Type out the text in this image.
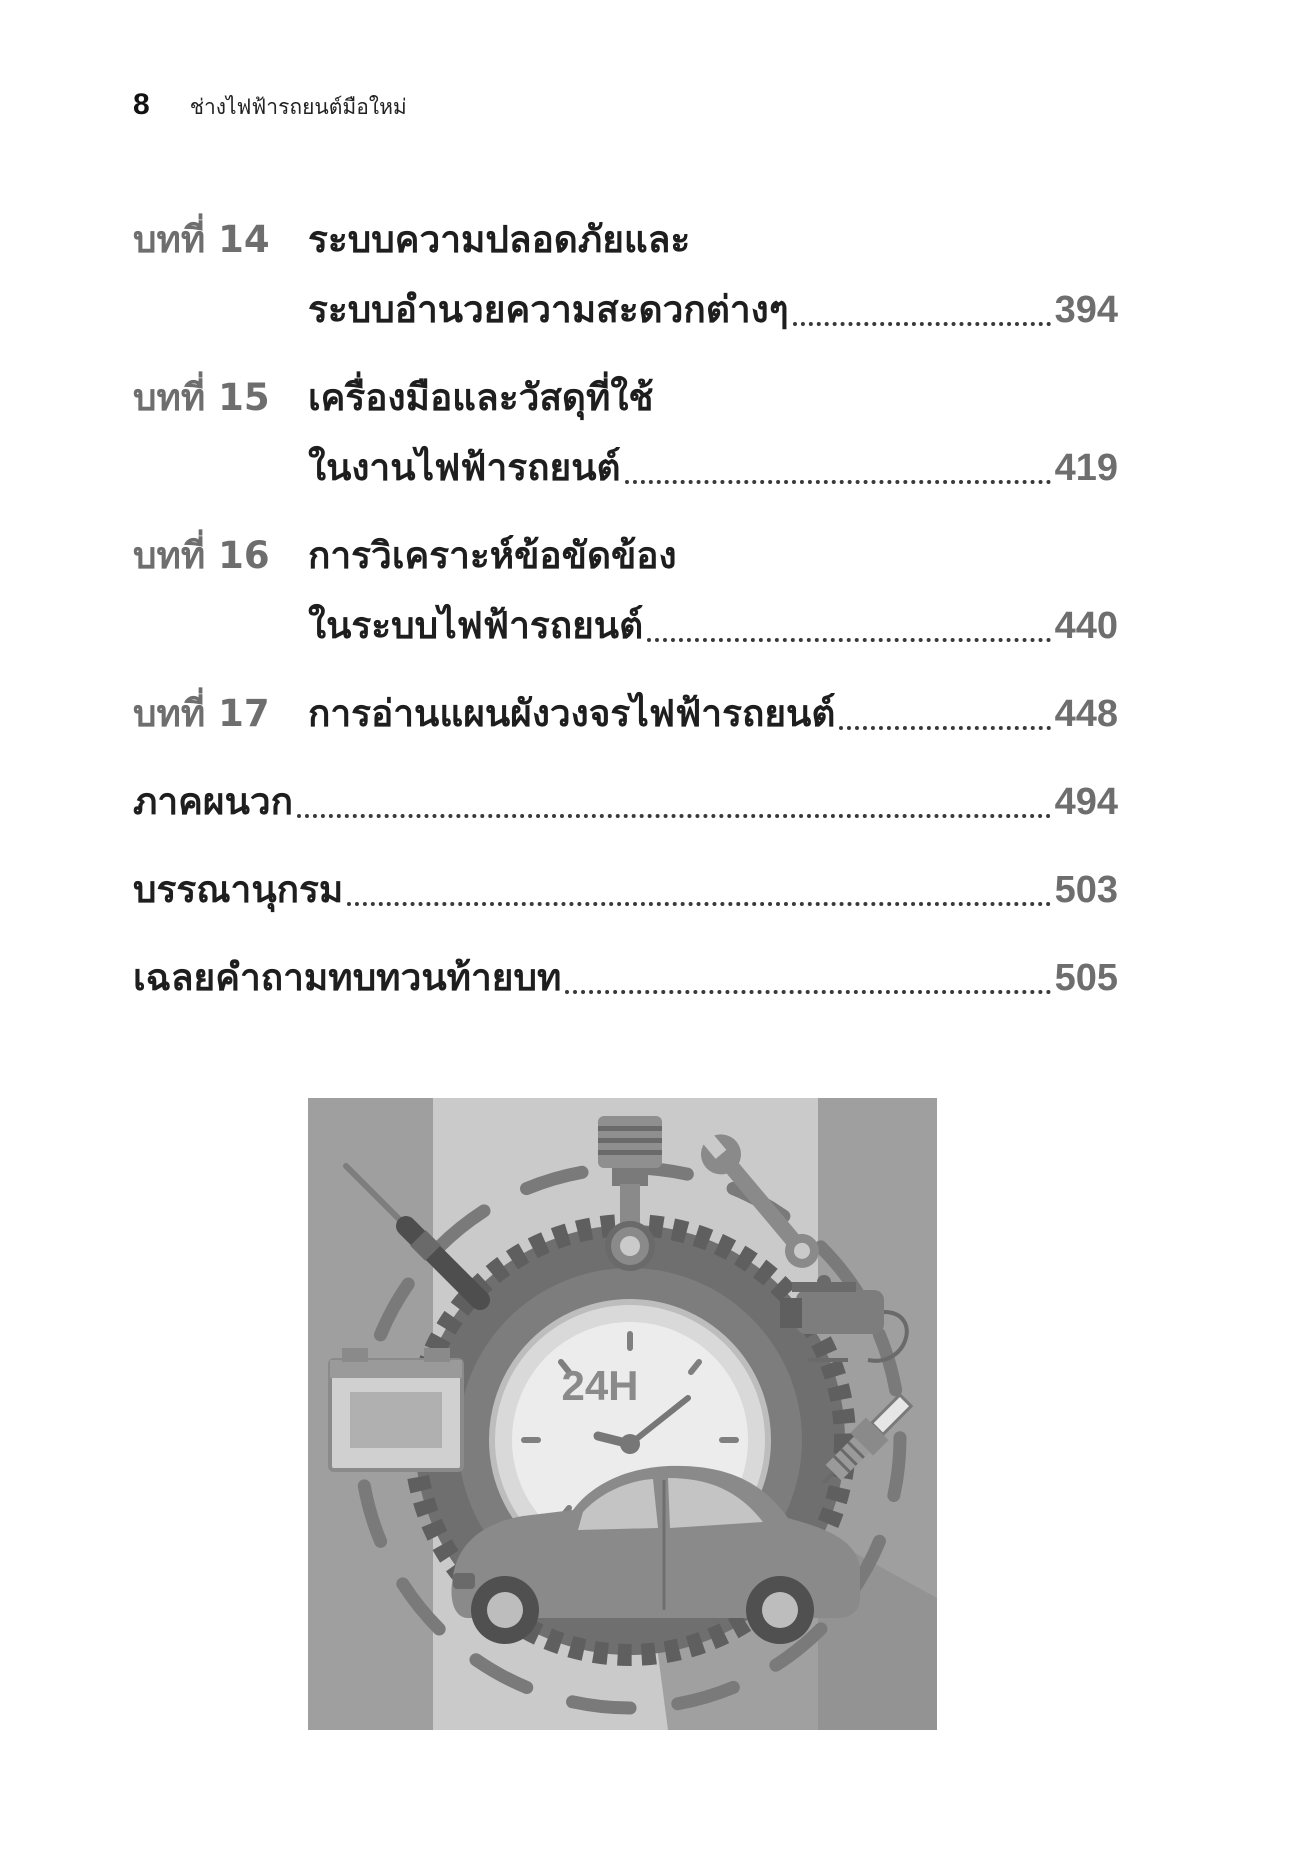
8 ช่างไฟฟ้ารถยนต์มือใหม่
บทที่ 14	ระบบความปลอดภัยและ
ระบบอำนวยความสะดวกต่างๆ	394
บทที่ 15	เครื่องมือและวัสดุที่ใช้
ในงานไฟฟ้ารถยนต์	419
บทที่ 16	การวิเคราะห์ข้อขัดข้อง
ในระบบไฟฟ้ารถยนต์	440
บทที่ 17	การอ่านแผนผังวงจรไฟฟ้ารถยนต์	448
ภาคผนวก	494
บรรณานุกรม	503
เฉลยคำถามทบทวนท้ายบท	505
24H
